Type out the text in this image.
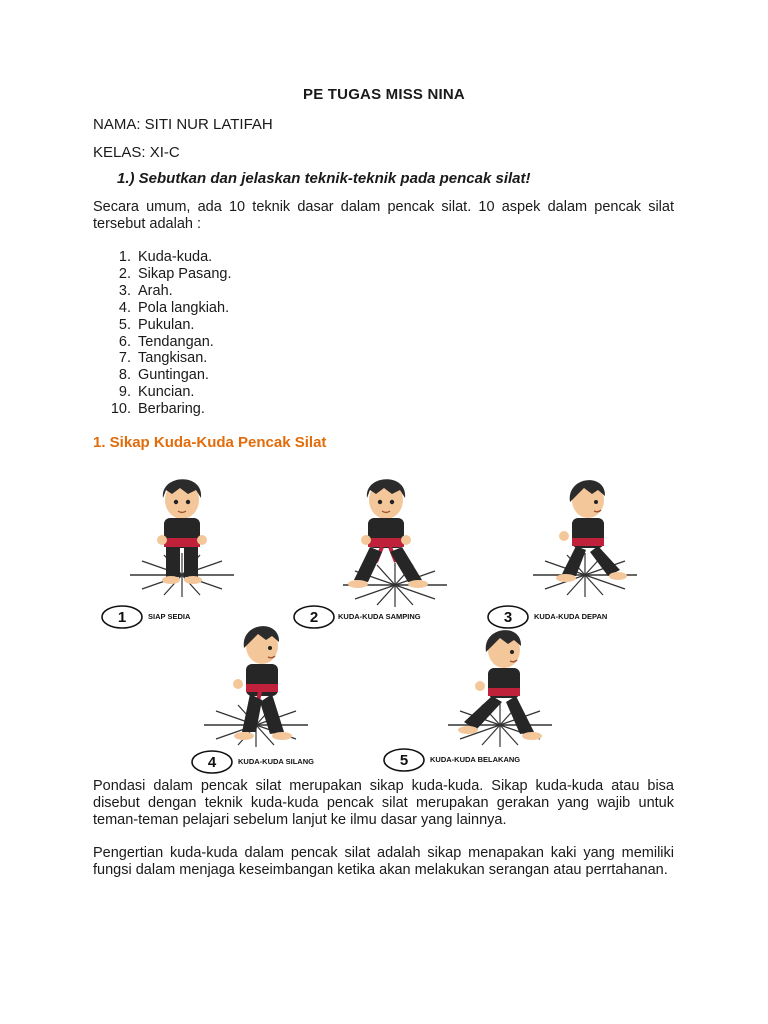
PE TUGAS MISS NINA
NAMA: SITI NUR LATIFAH
KELAS: XI-C
1.) Sebutkan dan jelaskan teknik-teknik pada pencak silat!
Secara umum, ada 10 teknik dasar dalam pencak silat. 10 aspek dalam pencak silat tersebut adalah :
1. Kuda-kuda.
2. Sikap Pasang.
3. Arah.
4. Pola langkiah.
5. Pukulan.
6. Tendangan.
7. Tangkisan.
8. Guntingan.
9. Kuncian.
10. Berbaring.
1. Sikap Kuda-Kuda Pencak Silat
1	SIAP SEDIA	2	KUDA-KUDA SAMPING	3	KUDA-KUDA DEPAN
4	KUDA-KUDA SILANG	5	KUDA-KUDA BELAKANG
Pondasi dalam pencak silat merupakan sikap kuda-kuda. Sikap kuda-kuda atau bisa disebut dengan teknik kuda-kuda pencak silat merupakan gerakan yang wajib untuk teman-teman pelajari sebelum lanjut ke ilmu dasar yang lainnya.
Pengertian kuda-kuda dalam pencak silat adalah sikap menapakan kaki yang memiliki fungsi dalam menjaga keseimbangan ketika akan melakukan serangan atau perrtahanan.
